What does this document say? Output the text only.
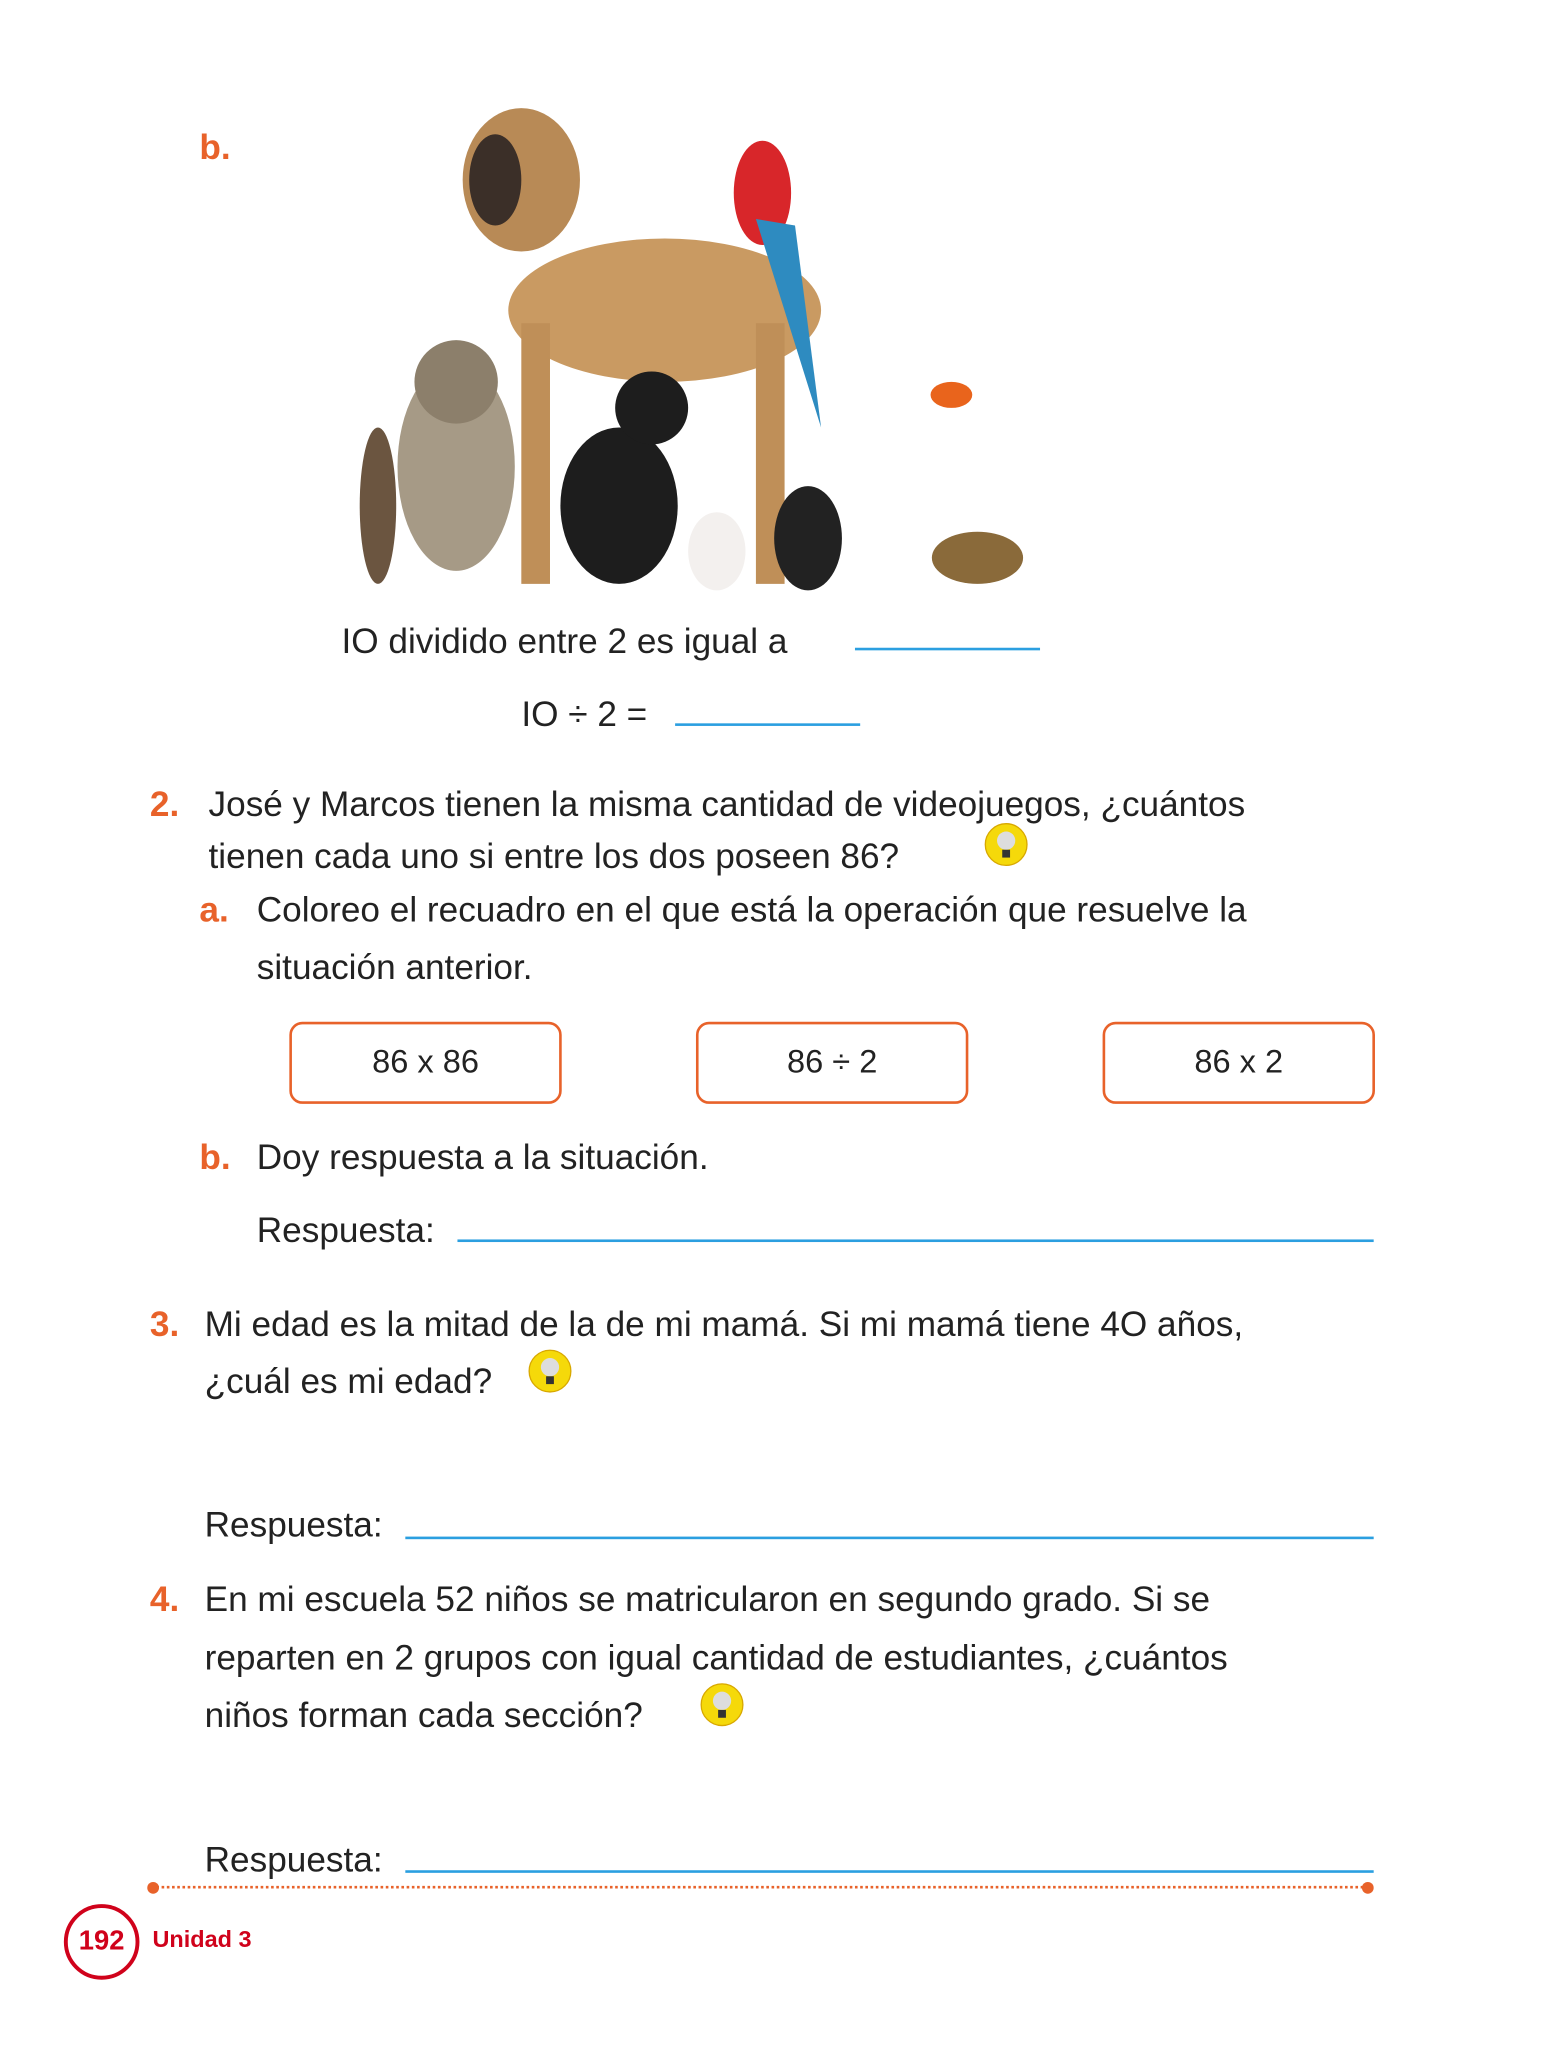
b.
IO dividido entre 2 es igual a
IO ÷ 2 =
2. José y Marcos tienen la misma cantidad de videojuegos, ¿cuántos
tienen cada uno si entre los dos poseen 86?
a. Coloreo el recuadro en el que está la operación que resuelve la
situación anterior.
86 x 86	86 ÷ 2	86 x 2
b. Doy respuesta a la situación.
Respuesta:
3. Mi edad es la mitad de la de mi mamá. Si mi mamá tiene 4O años,
¿cuál es mi edad?
Respuesta:
4. En mi escuela 52 niños se matricularon en segundo grado. Si se
reparten en 2 grupos con igual cantidad de estudiantes, ¿cuántos
niños forman cada sección?
Respuesta:
192	Unidad 3
